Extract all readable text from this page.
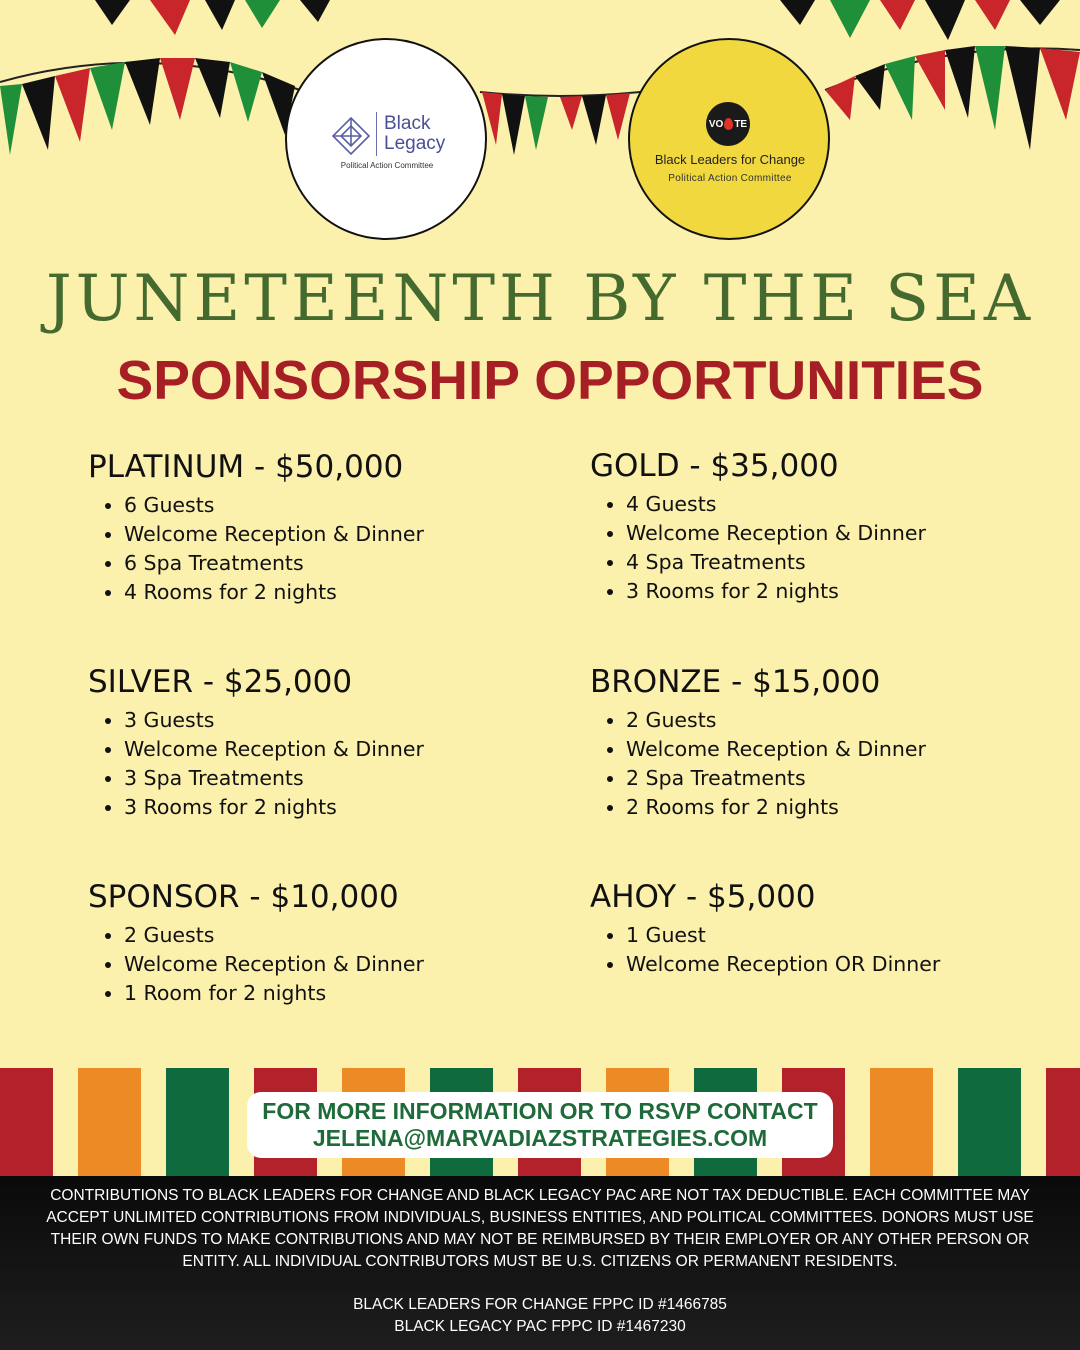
Black
Legacy
Political Action Committee
VO TE
Black Leaders for Change
Political Action Committee
JUNETEENTH BY THE SEA
SPONSORSHIP OPPORTUNITIES
PLATINUM - $50,000
• 6 Guests
• Welcome Reception & Dinner
• 6 Spa Treatments
• 4 Rooms for 2 nights
GOLD - $35,000
• 4 Guests
• Welcome Reception & Dinner
• 4 Spa Treatments
• 3 Rooms for 2 nights
SILVER - $25,000
• 3 Guests
• Welcome Reception & Dinner
• 3 Spa Treatments
• 3 Rooms for 2 nights
BRONZE - $15,000
• 2 Guests
• Welcome Reception & Dinner
• 2 Spa Treatments
• 2 Rooms for 2 nights
SPONSOR - $10,000
• 2 Guests
• Welcome Reception & Dinner
• 1 Room for 2 nights
AHOY - $5,000
• 1 Guest
• Welcome Reception OR Dinner
FOR MORE INFORMATION OR TO RSVP CONTACT
JELENA@MARVADIAZSTRATEGIES.COM
CONTRIBUTIONS TO BLACK LEADERS FOR CHANGE AND BLACK LEGACY PAC ARE NOT TAX DEDUCTIBLE. EACH COMMITTEE MAY ACCEPT UNLIMITED CONTRIBUTIONS FROM INDIVIDUALS, BUSINESS ENTITIES, AND POLITICAL COMMITTEES. DONORS MUST USE THEIR OWN FUNDS TO MAKE CONTRIBUTIONS AND MAY NOT BE REIMBURSED BY THEIR EMPLOYER OR ANY OTHER PERSON OR ENTITY. ALL INDIVIDUAL CONTRIBUTORS MUST BE U.S. CITIZENS OR PERMANENT RESIDENTS.
BLACK LEADERS FOR CHANGE FPPC ID #1466785
BLACK LEGACY PAC FPPC ID #1467230
